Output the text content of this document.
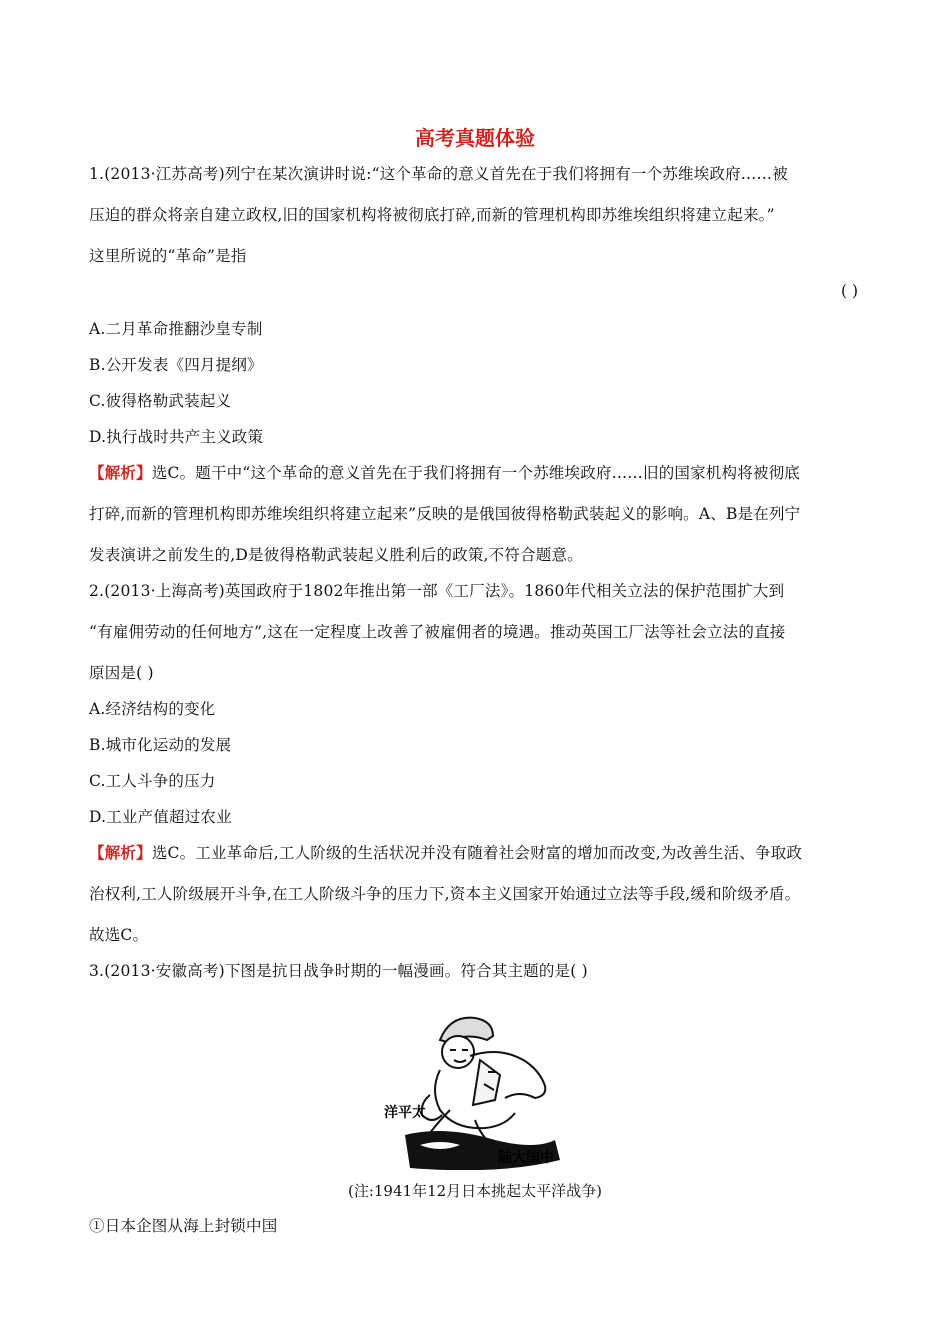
高考真题体验
1.(2013·江苏高考)列宁在某次演讲时说:“这个革命的意义首先在于我们将拥有一个苏维埃政府……被
压迫的群众将亲自建立政权,旧的国家机构将被彻底打碎,而新的管理机构即苏维埃组织将建立起来。”
这里所说的“革命”是指
( )
A.二月革命推翻沙皇专制
B.公开发表《四月提纲》
C.彼得格勒武装起义
D.执行战时共产主义政策
【解析】选C。题干中“这个革命的意义首先在于我们将拥有一个苏维埃政府……旧的国家机构将被彻底
打碎,而新的管理机构即苏维埃组织将建立起来”反映的是俄国彼得格勒武装起义的影响。A、B是在列宁
发表演讲之前发生的,D是彼得格勒武装起义胜利后的政策,不符合题意。
2.(2013·上海高考)英国政府于1802年推出第一部《工厂法》。1860年代相关立法的保护范围扩大到
“有雇佣劳动的任何地方”,这在一定程度上改善了被雇佣者的境遇。推动英国工厂法等社会立法的直接
原因是( )
A.经济结构的变化
B.城市化运动的发展
C.工人斗争的压力
D.工业产值超过农业
【解析】选C。工业革命后,工人阶级的生活状况并没有随着社会财富的增加而改变,为改善生活、争取政
治权利,工人阶级展开斗争,在工人阶级斗争的压力下,资本主义国家开始通过立法等手段,缓和阶级矛盾。
故选C。
3.(2013·安徽高考)下图是抗日战争时期的一幅漫画。符合其主题的是( )
洋平太
陆大国中
(注:1941年12月日本挑起太平洋战争)
①日本企图从海上封锁中国
